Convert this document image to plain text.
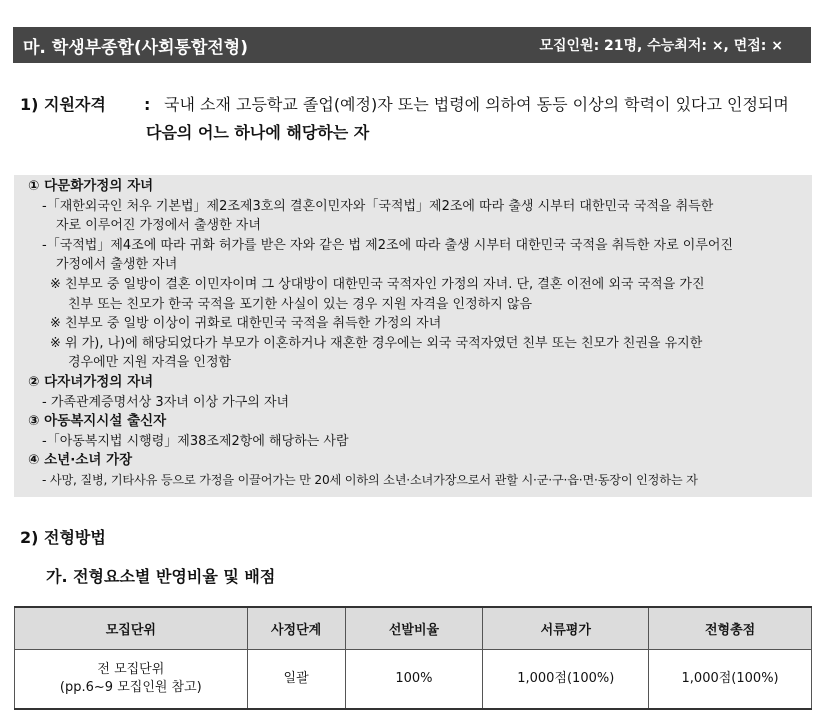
마. 학생부종합(사회통합전형)	모집인원: 21명, 수능최저: ×, 면접: ×
1) 지원자격	: 국내 소재 고등학교 졸업(예정)자 또는 법령에 의하여 동등 이상의 학력이 있다고 인정되며
다음의 어느 하나에 해당하는 자
① 다문화가정의 자녀
-「재한외국인 처우 기본법」제2조제3호의 결혼이민자와「국적법」제2조에 따라 출생 시부터 대한민국 국적을 취득한
자로 이루어진 가정에서 출생한 자녀
-「국적법」제4조에 따라 귀화 허가를 받은 자와 같은 법 제2조에 따라 출생 시부터 대한민국 국적을 취득한 자로 이루어진
가정에서 출생한 자녀
※ 친부모 중 일방이 결혼 이민자이며 그 상대방이 대한민국 국적자인 가정의 자녀. 단, 결혼 이전에 외국 국적을 가진
친부 또는 친모가 한국 국적을 포기한 사실이 있는 경우 지원 자격을 인정하지 않음
※ 친부모 중 일방 이상이 귀화로 대한민국 국적을 취득한 가정의 자녀
※ 위 가), 나)에 해당되었다가 부모가 이혼하거나 재혼한 경우에는 외국 국적자였던 친부 또는 친모가 친권을 유지한
경우에만 지원 자격을 인정함
② 다자녀가정의 자녀
- 가족관계증명서상 3자녀 이상 가구의 자녀
③ 아동복지시설 출신자
-「아동복지법 시행령」제38조제2항에 해당하는 사람
④ 소년·소녀 가장
- 사망, 질병, 기타사유 등으로 가정을 이끌어가는 만 20세 이하의 소년·소녀가장으로서 관할 시·군·구·읍·면·동장이 인정하는 자
2) 전형방법
가. 전형요소별 반영비율 및 배점
모집단위	사정단계	선발비율	서류평가	전형총점

전 모집단위
(pp.6~9 모집인원 참고)	일괄	100%	1,000점(100%)	1,000점(100%)
